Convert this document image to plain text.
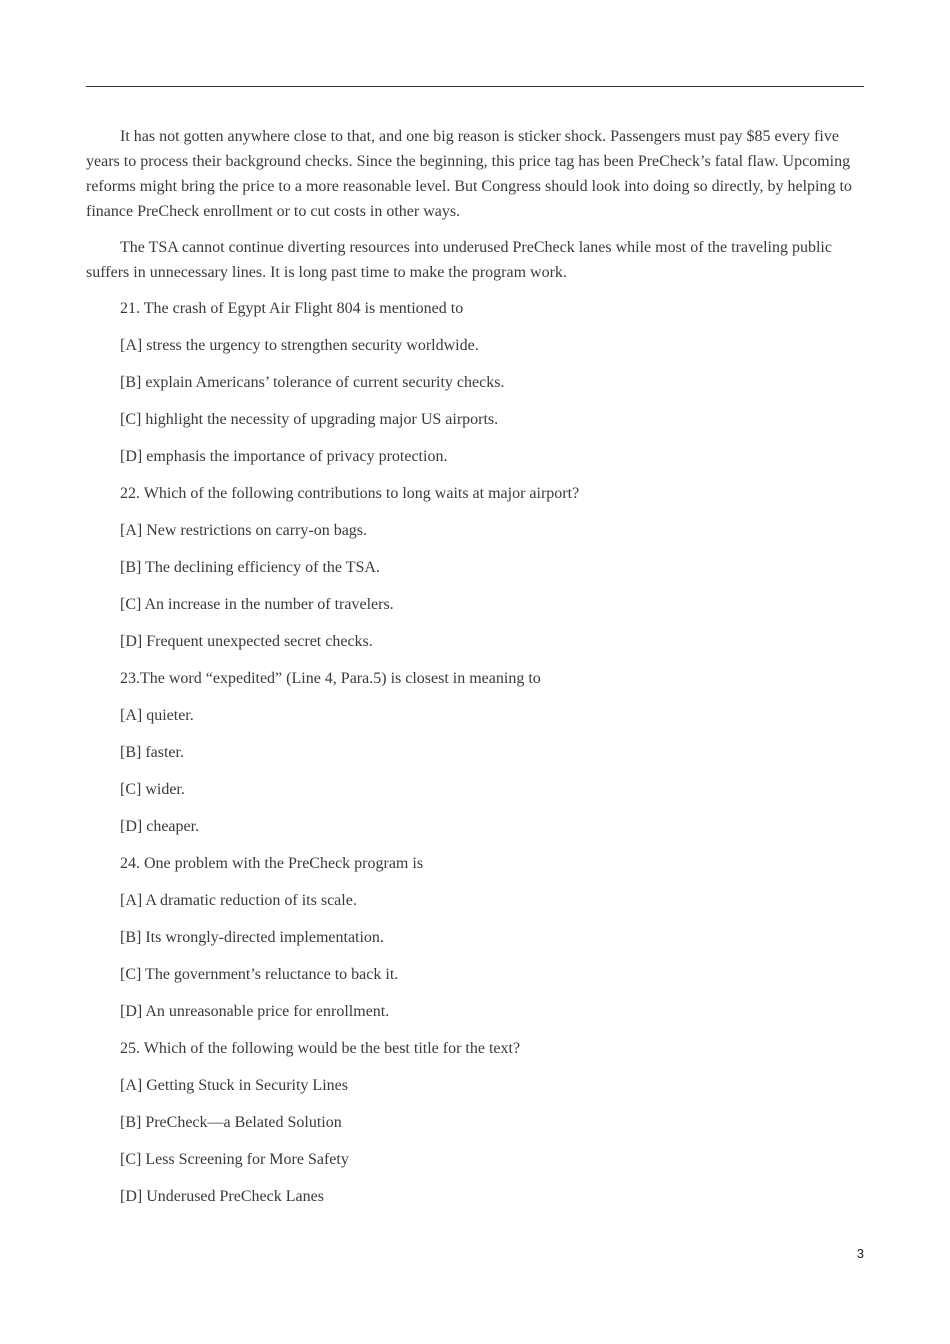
It has not gotten anywhere close to that, and one big reason is sticker shock. Passengers must pay $85 every five years to process their background checks. Since the beginning, this price tag has been PreCheck’s fatal flaw. Upcoming reforms might bring the price to a more reasonable level. But Congress should look into doing so directly, by helping to finance PreCheck enrollment or to cut costs in other ways.

The TSA cannot continue diverting resources into underused PreCheck lanes while most of the traveling public suffers in unnecessary lines. It is long past time to make the program work.

21. The crash of Egypt Air Flight 804 is mentioned to

[A] stress the urgency to strengthen security worldwide.

[B] explain Americans’ tolerance of current security checks.

[C] highlight the necessity of upgrading major US airports.

[D] emphasis the importance of privacy protection.

22. Which of the following contributions to long waits at major airport?

[A] New restrictions on carry-on bags.

[B] The declining efficiency of the TSA.

[C] An increase in the number of travelers.

[D] Frequent unexpected secret checks.

23.The word “expedited” (Line 4, Para.5) is closest in meaning to

[A] quieter.

[B] faster.

[C] wider.

[D] cheaper.

24. One problem with the PreCheck program is

[A] A dramatic reduction of its scale.

[B] Its wrongly-directed implementation.

[C] The government’s reluctance to back it.

[D] An unreasonable price for enrollment.

25. Which of the following would be the best title for the text?

[A] Getting Stuck in Security Lines

[B] PreCheck—a Belated Solution

[C] Less Screening for More Safety

[D] Underused PreCheck Lanes

3
